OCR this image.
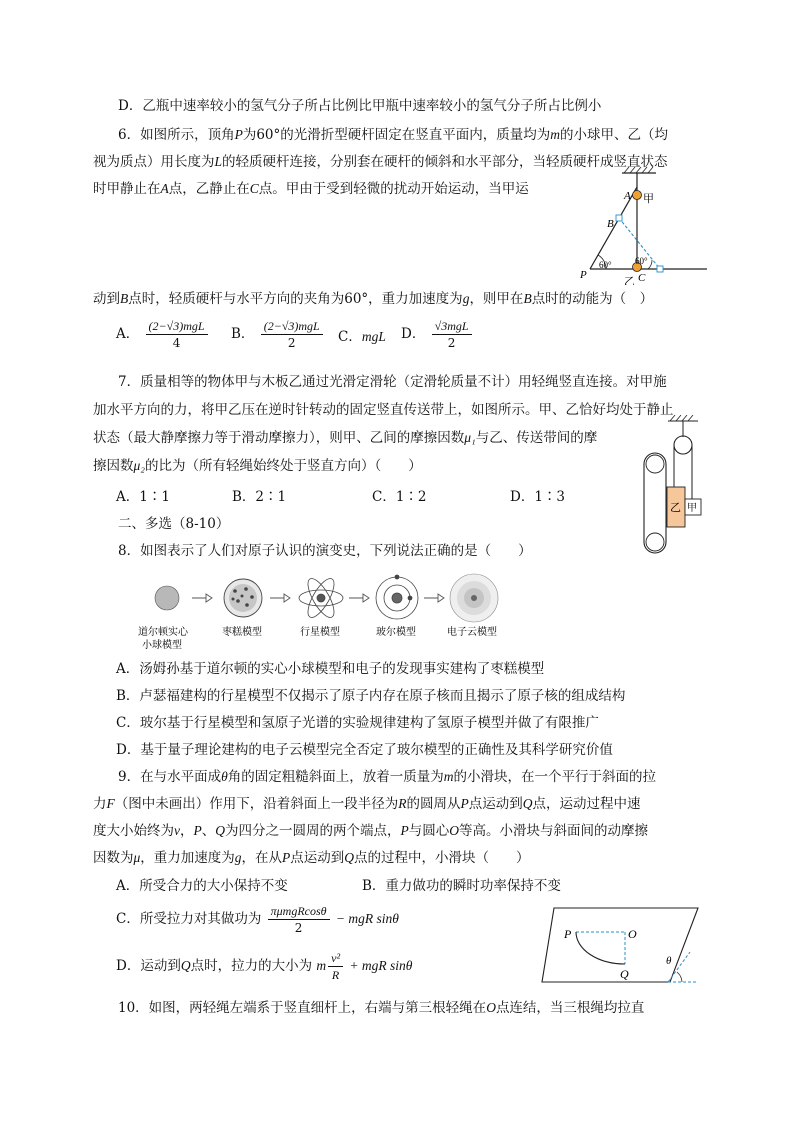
D．乙瓶中速率较小的氢气分子所占比例比甲瓶中速率较小的氢气分子所占比例小
6．如图所示，顶角P为60°的光滑折型硬杆固定在竖直平面内，质量均为m的小球甲、乙（均
视为质点）用长度为L的轻质硬杆连接，分别套在硬杆的倾斜和水平部分，当轻质硬杆成竖直状态
时甲静止在A点，乙静止在C点。甲由于受到轻微的扰动开始运动，当甲运
动到B点时，轻质硬杆与水平方向的夹角为60°，重力加速度为g，则甲在B点时的动能为（　）
A． $\frac{\text{(2−√3)mgL}}{4}$ B． $\frac{\text{(2−√3)mgL}}{2}$ C．mgL D． $\frac{\text{√3mgL}}{2}$
A 甲
B
P
60°	60°
C
乙
7．质量相等的物体甲与木板乙通过光滑定滑轮（定滑轮质量不计）用轻绳竖直连接。对甲施
加水平方向的力，将甲乙压在逆时针转动的固定竖直传送带上，如图所示。甲、乙恰好均处于静止
状态（最大静摩擦力等于滑动摩擦力），则甲、乙间的摩擦因数μ₁与乙、传送带间的摩
擦因数μ₂的比为（所有轻绳始终处于竖直方向）（　　）
A．1∶1	B．2∶1	C．1∶2	D．1∶3
乙 甲
二、多选（8-10）
8．如图表示了人们对原子认识的演变史，下列说法正确的是（　　）
道尔顿实心
小球模型
枣糕模型	行星模型	玻尔模型	电子云模型
A．汤姆孙基于道尔顿的实心小球模型和电子的发现事实建构了枣糕模型
B．卢瑟福建构的行星模型不仅揭示了原子内存在原子核而且揭示了原子核的组成结构
C．玻尔基于行星模型和氢原子光谱的实验规律建构了氢原子模型并做了有限推广
D．基于量子理论建构的电子云模型完全否定了玻尔模型的正确性及其科学研究价值
9．在与水平面成θ角的固定粗糙斜面上，放着一质量为m的小滑块，在一个平行于斜面的拉
力F（图中未画出）作用下，沿着斜面上一段半径为R的圆周从P点运动到Q点，运动过程中速
度大小始终为v，P、Q为四分之一圆周的两个端点，P与圆心O等高。小滑块与斜面间的动摩擦
因数为μ，重力加速度为g，在从P点运动到Q点的过程中，小滑块（　　）
A．所受合力的大小保持不变	B．重力做功的瞬时功率保持不变
C．所受拉力对其做功为 $\frac{\text{πμmgRcosθ}}{2}$ − mgR sinθ
D．运动到Q点时，拉力的大小为 m $\frac{\text{v²}}{R}$ + mgR sinθ
P	O
Q
θ
10．如图，两轻绳左端系于竖直细杆上，右端与第三根轻绳在O点连结，当三根绳均拉直
